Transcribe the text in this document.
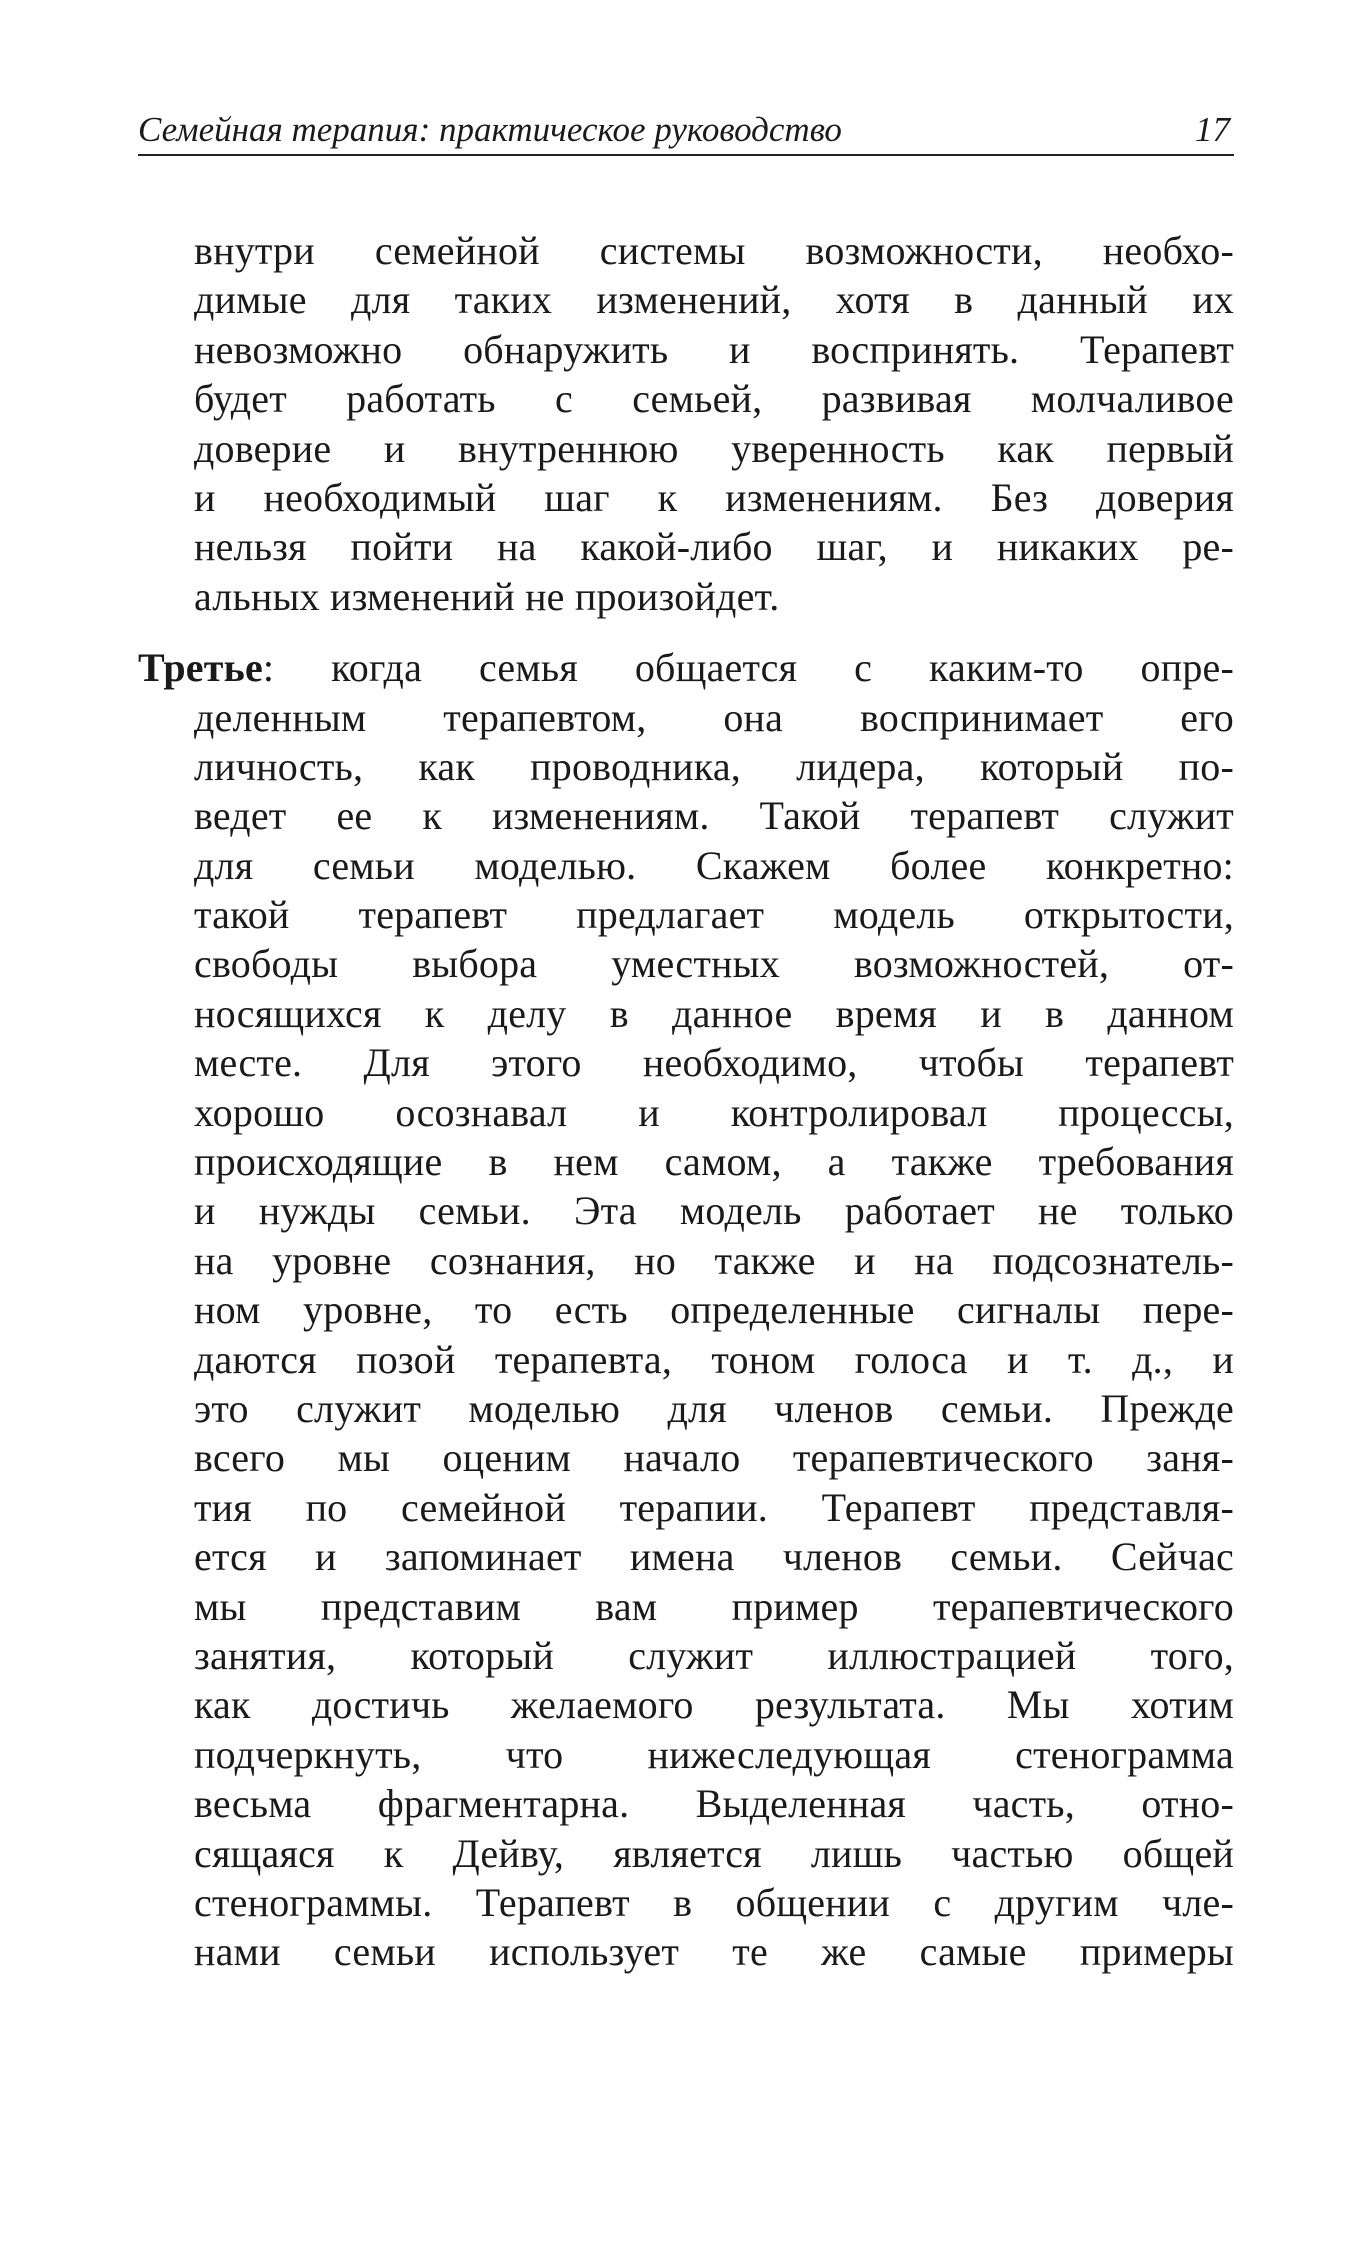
Семейная терапия: практическое руководство	17
внутри семейной системы возможности, необхо-
димые для таких изменений, хотя в данный их
невозможно обнаружить и воспринять. Терапевт
будет работать с семьей, развивая молчаливое
доверие и внутреннюю уверенность как первый
и необходимый шаг к изменениям. Без доверия
нельзя пойти на какой-либо шаг, и никаких ре-
альных изменений не произойдет.
Третье: когда семья общается с каким-то опре-
деленным терапевтом, она воспринимает его
личность, как проводника, лидера, который по-
ведет ее к изменениям. Такой терапевт служит
для семьи моделью. Скажем более конкретно:
такой терапевт предлагает модель открытости,
свободы выбора уместных возможностей, от-
носящихся к делу в данное время и в данном
месте. Для этого необходимо, чтобы терапевт
хорошо осознавал и контролировал процессы,
происходящие в нем самом, а также требования
и нужды семьи. Эта модель работает не только
на уровне сознания, но также и на подсознатель-
ном уровне, то есть определенные сигналы пере-
даются позой терапевта, тоном голоса и т. д., и
это служит моделью для членов семьи. Прежде
всего мы оценим начало терапевтического заня-
тия по семейной терапии. Терапевт представля-
ется и запоминает имена членов семьи. Сейчас
мы представим вам пример терапевтического
занятия, который служит иллюстрацией того,
как достичь желаемого результата. Мы хотим
подчеркнуть, что нижеследующая стенограмма
весьма фрагментарна. Выделенная часть, отно-
сящаяся к Дейву, является лишь частью общей
стенограммы. Терапевт в общении с другим чле-
нами семьи использует те же самые примеры
